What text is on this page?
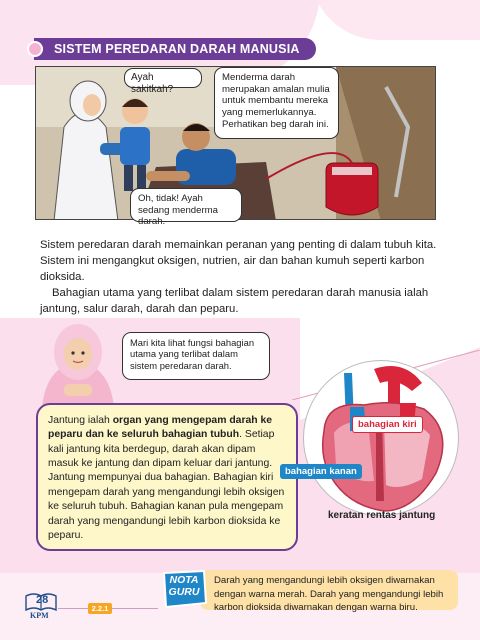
SISTEM PEREDARAN DARAH MANUSIA
Ayah sakitkah?
Menderma darah merupakan amalan mulia untuk membantu mereka yang memerlukannya. Perhatikan beg darah ini.
Oh, tidak! Ayah sedang menderma darah.

Sistem peredaran darah memainkan peranan yang penting di dalam tubuh kita. Sistem ini mengangkut oksigen, nutrien, air dan bahan kumuh seperti karbon dioksida.

Bahagian utama yang terlibat dalam sistem peredaran darah manusia ialah jantung, salur darah, darah dan peparu.

Mari kita lihat fungsi bahagian utama yang terlibat dalam sistem peredaran darah.
Jantung ialah organ yang mengepam darah ke peparu dan ke seluruh bahagian tubuh. Setiap kali jantung kita berdegup, darah akan dipam masuk ke jantung dan dipam keluar dari jantung. Jantung mempunyai dua bahagian. Bahagian kiri mengepam darah yang mengandungi lebih oksigen ke seluruh tubuh. Bahagian kanan pula mengepam darah yang mengandungi lebih karbon dioksida ke peparu.
bahagian kiri
bahagian kanan
keratan rentas jantung
Darah yang mengandungi lebih oksigen diwarnakan dengan warna merah. Darah yang mengandungi lebih karbon dioksida diwarnakan dengan warna biru.
NOTA
GURU
28
KPM
2.2.1
